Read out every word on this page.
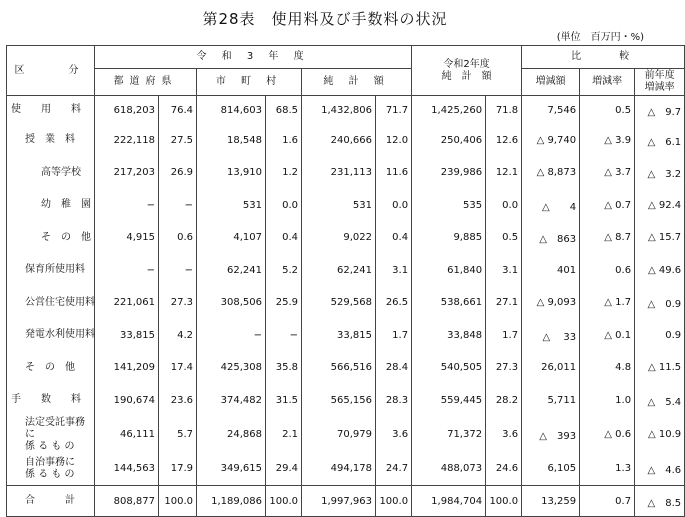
第28表　使用料及び手数料の状況
(単位　百万円・%)
区　　分	令 和 3 年 度						令和2年度
純　計　額		比　　較		
	都道府県		市 町 村		純 計 額				増減額	増減率	前年度
増減率
使　　用　　料	618,203	76.4	814,603	68.5	1,432,806	71.7	1,425,260	71.8	7,546	0.5	△　9.7
授　業　料	222,118	27.5	18,548	1.6	240,666	12.0	250,406	12.6	△ 9,740	△ 3.9	△　6.1
高等学校	217,203	26.9	13,910	1.2	231,113	11.6	239,986	12.1	△ 8,873	△ 3.7	△　3.2
幼　稚　園	−	−	531	0.0	531	0.0	535	0.0	△　　4	△ 0.7	△ 92.4
そ　の　他	4,915	0.6	4,107	0.4	9,022	0.4	9,885	0.5	△　863	△ 8.7	△ 15.7
保育所使用料	−	−	62,241	5.2	62,241	3.1	61,840	3.1	401	0.6	△ 49.6
公営住宅使用料	221,061	27.3	308,506	25.9	529,568	26.5	538,661	27.1	△ 9,093	△ 1.7	△　0.9
発電水利使用料	33,815	4.2	−	−	33,815	1.7	33,848	1.7	△　 33	△ 0.1	0.9
そ　の　他	141,209	17.4	425,308	35.8	566,516	28.4	540,505	27.3	26,011	4.8	△ 11.5
手　　数　　料	190,674	23.6	374,482	31.5	565,156	28.3	559,445	28.2	5,711	1.0	△　5.4
法定受託事務に
係 る も の	46,111	5.7	24,868	2.1	70,979	3.6	71,372	3.6	△　393	△ 0.6	△ 10.9
自治事務に
係 る も の	144,563	17.9	349,615	29.4	494,178	24.7	488,073	24.6	6,105	1.3	△　4.6
合　　　計	808,877	100.0	1,189,086	100.0	1,997,963	100.0	1,984,704	100.0	13,259	0.7	△　8.5
